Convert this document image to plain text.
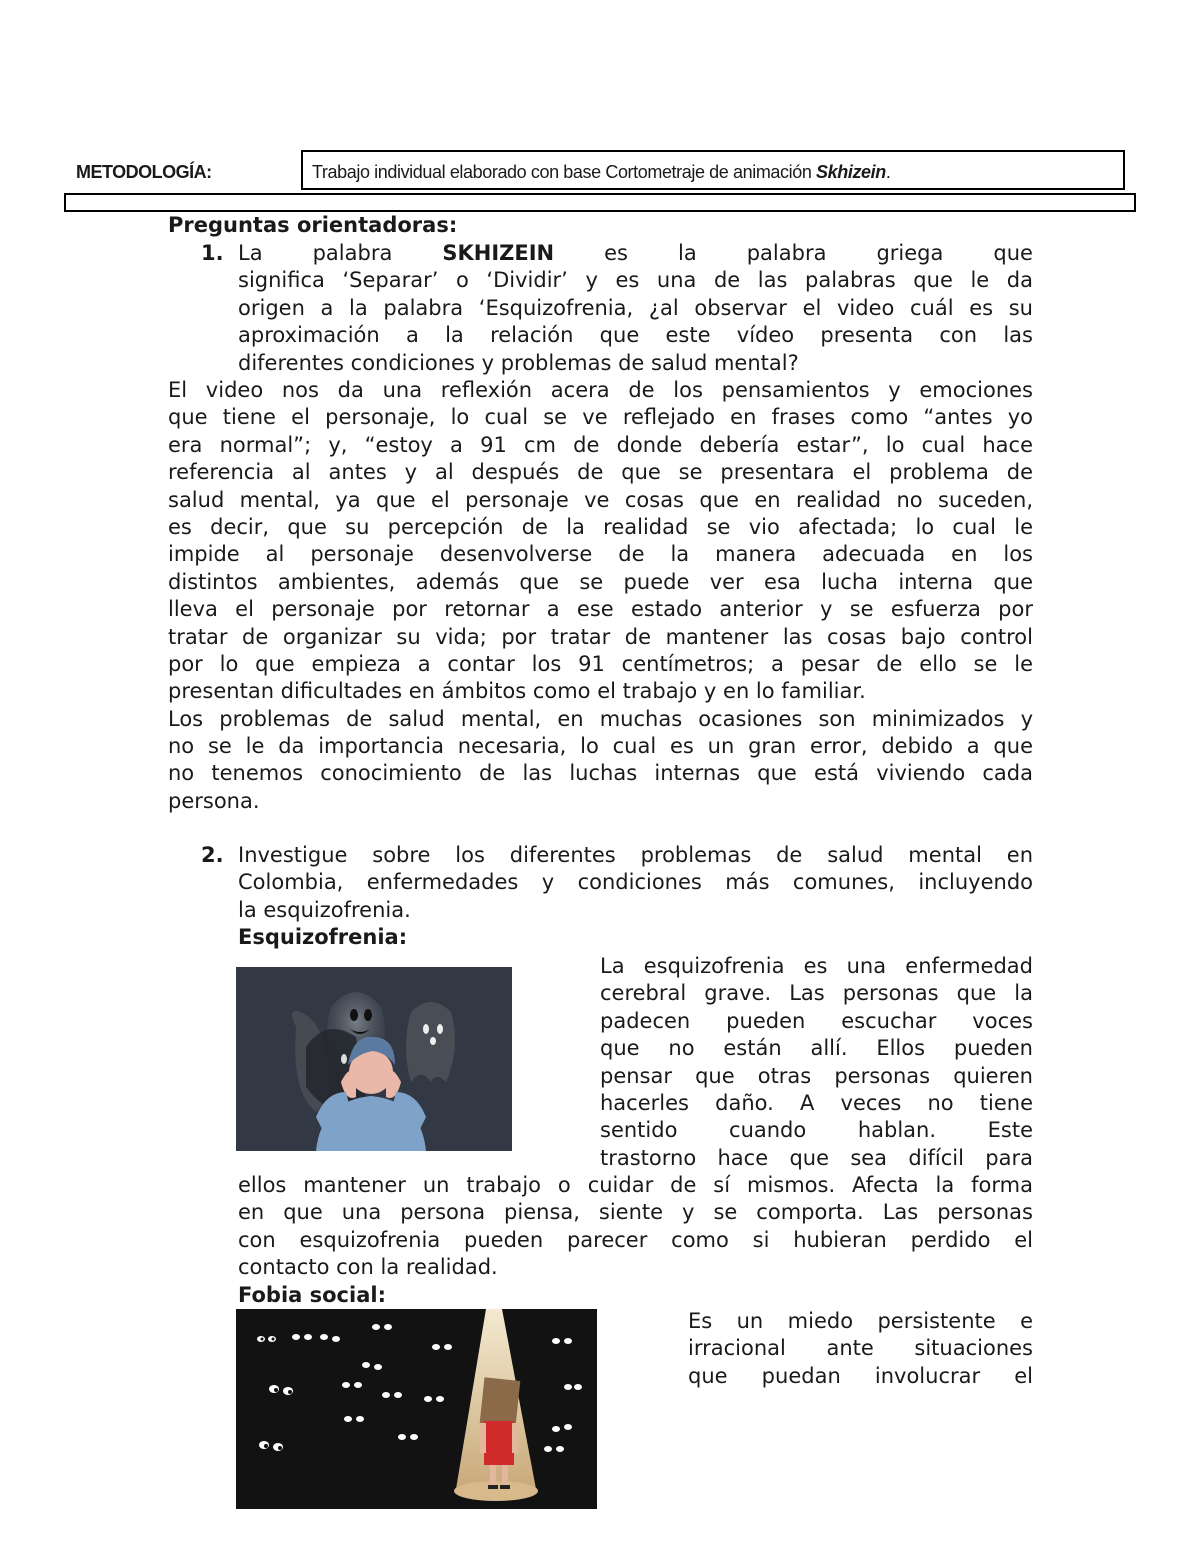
METODOLOGÍA:	Trabajo individual elaborado con base Cortometraje de animación Skhizein.
Preguntas orientadoras:
1. La palabra SKHIZEIN es la palabra griega que
significa ‘Separar’ o ‘Dividir’ y es una de las palabras que le da
origen a la palabra ‘Esquizofrenia, ¿al observar el video cuál es su
aproximación a la relación que este vídeo presenta con las
diferentes condiciones y problemas de salud mental?
El video nos da una reflexión acera de los pensamientos y emociones
que tiene el personaje, lo cual se ve reflejado en frases como “antes yo
era normal”; y, “estoy a 91 cm de donde debería estar”, lo cual hace
referencia al antes y al después de que se presentara el problema de
salud mental, ya que el personaje ve cosas que en realidad no suceden,
es decir, que su percepción de la realidad se vio afectada; lo cual le
impide al personaje desenvolverse de la manera adecuada en los
distintos ambientes, además que se puede ver esa lucha interna que
lleva el personaje por retornar a ese estado anterior y se esfuerza por
tratar de organizar su vida; por tratar de mantener las cosas bajo control
por lo que empieza a contar los 91 centímetros; a pesar de ello se le
presentan dificultades en ámbitos como el trabajo y en lo familiar.
Los problemas de salud mental, en muchas ocasiones son minimizados y
no se le da importancia necesaria, lo cual es un gran error, debido a que
no tenemos conocimiento de las luchas internas que está viviendo cada
persona.
2. Investigue sobre los diferentes problemas de salud mental en
Colombia, enfermedades y condiciones más comunes, incluyendo
la esquizofrenia.
Esquizofrenia:
La esquizofrenia es una enfermedad
cerebral grave. Las personas que la
padecen pueden escuchar voces
que no están allí. Ellos pueden
pensar que otras personas quieren
hacerles daño. A veces no tiene
sentido cuando hablan. Este
trastorno hace que sea difícil para
ellos mantener un trabajo o cuidar de sí mismos. Afecta la forma
en que una persona piensa, siente y se comporta. Las personas
con esquizofrenia pueden parecer como si hubieran perdido el
contacto con la realidad.
Fobia social:
Es un miedo persistente e
irracional ante situaciones
que puedan involucrar el
